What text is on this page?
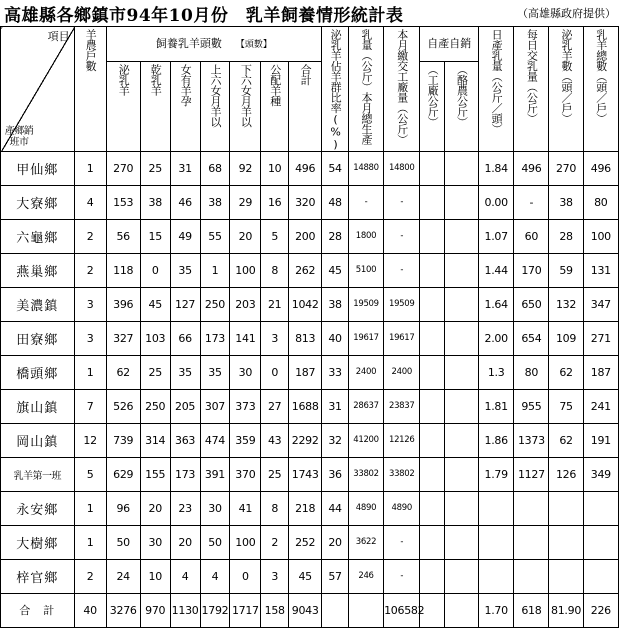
高雄縣各鄉鎮市94年10月份　乳羊飼養情形統計表	（高雄縣政府提供）
項目
產鄉銷班市	羊農戶數	飼養乳羊頭數 【頭數】							泌乳羊佔羊群比率(%)	乳量（公斤）本月總生產	本月繳交工廠量（公斤）	自產自銷		日產乳量（公斤／頭）	每日交乳量（公斤）	泌乳羊數（頭／戶）	乳羊總數（頭／戶）

		泌乳羊	乾乳羊	女有羊孕	上六女月羊以	下六女月羊以	公配羊種	合計				（工廠公斤）	（酪農公斤）				

甲仙鄉	1	270	25	31	68	92	10	496	54	14880	14800			1.84	496	270	496
大寮鄉	4	153	38	46	38	29	16	320	48	-	-			0.00	-	38	80
六龜鄉	2	56	15	49	55	20	5	200	28	1800	-			1.07	60	28	100
燕巢鄉	2	118	0	35	1	100	8	262	45	5100	-			1.44	170	59	131
美濃鎮	3	396	45	127	250	203	21	1042	38	19509	19509			1.64	650	132	347
田寮鄉	3	327	103	66	173	141	3	813	40	19617	19617			2.00	654	109	271
橋頭鄉	1	62	25	35	35	30	0	187	33	2400	2400			1.3	80	62	187
旗山鎮	7	526	250	205	307	373	27	1688	31	28637	23837			1.81	955	75	241
岡山鎮	12	739	314	363	474	359	43	2292	32	41200	12126			1.86	1373	62	191
乳羊第一班	5	629	155	173	391	370	25	1743	36	33802	33802			1.79	1127	126	349
永安鄉	1	96	20	23	30	41	8	218	44	4890	4890						
大樹鄉	1	50	30	20	50	100	2	252	20	3622	-						
梓官鄉	2	24	10	4	4	0	3	45	57	246	-						
合　計	40	3276	970	1130	1792	1717	158	9043			106582			1.70	618	81.90	226
